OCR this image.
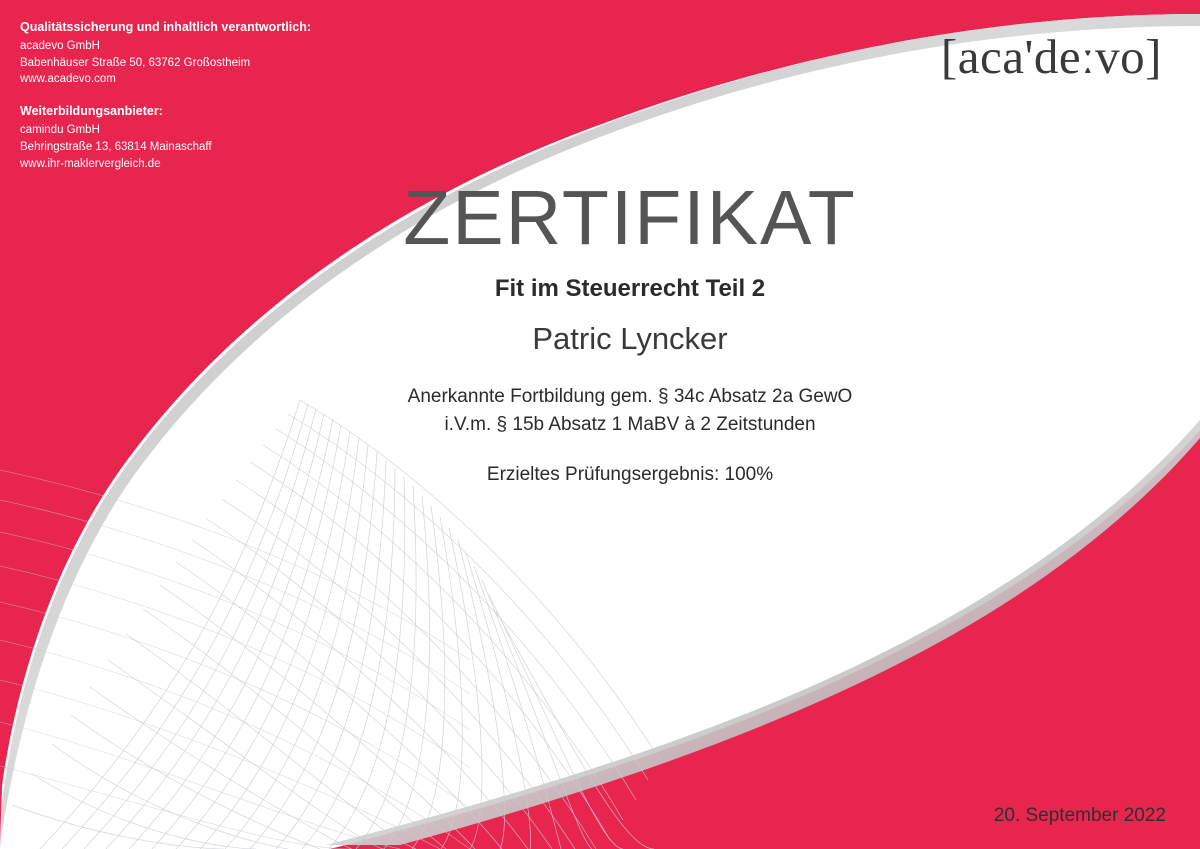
Qualitätssicherung und inhaltlich verantwortlich:
acadevo GmbH
Babenhäuser Straße 50, 63762 Großostheim
www.acadevo.com
Weiterbildungsanbieter:
camindu GmbH
Behringstraße 13, 63814 Mainaschaff
www.ihr-maklervergleich.de
[aca'deːvo]
ZERTIFIKAT
Fit im Steuerrecht Teil 2
Patric Lyncker
Anerkannte Fortbildung gem. § 34c Absatz 2a GewO
i.V.m. § 15b Absatz 1 MaBV à 2 Zeitstunden
Erzieltes Prüfungsergebnis: 100%
20. September 2022
